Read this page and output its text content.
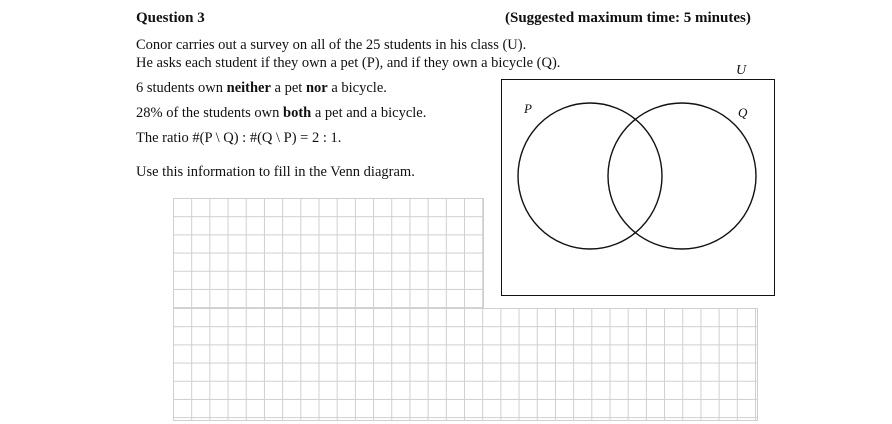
Question 3	(Suggested maximum time: 5 minutes)
Conor carries out a survey on all of the 25 students in his class (U).
He asks each student if they own a pet (P), and if they own a bicycle (Q).
6 students own neither a pet nor a bicycle.
28% of the students own both a pet and a bicycle.
The ratio #(P \ Q) : #(Q \ P) = 2 : 1.
Use this information to fill in the Venn diagram.
U
P	Q
